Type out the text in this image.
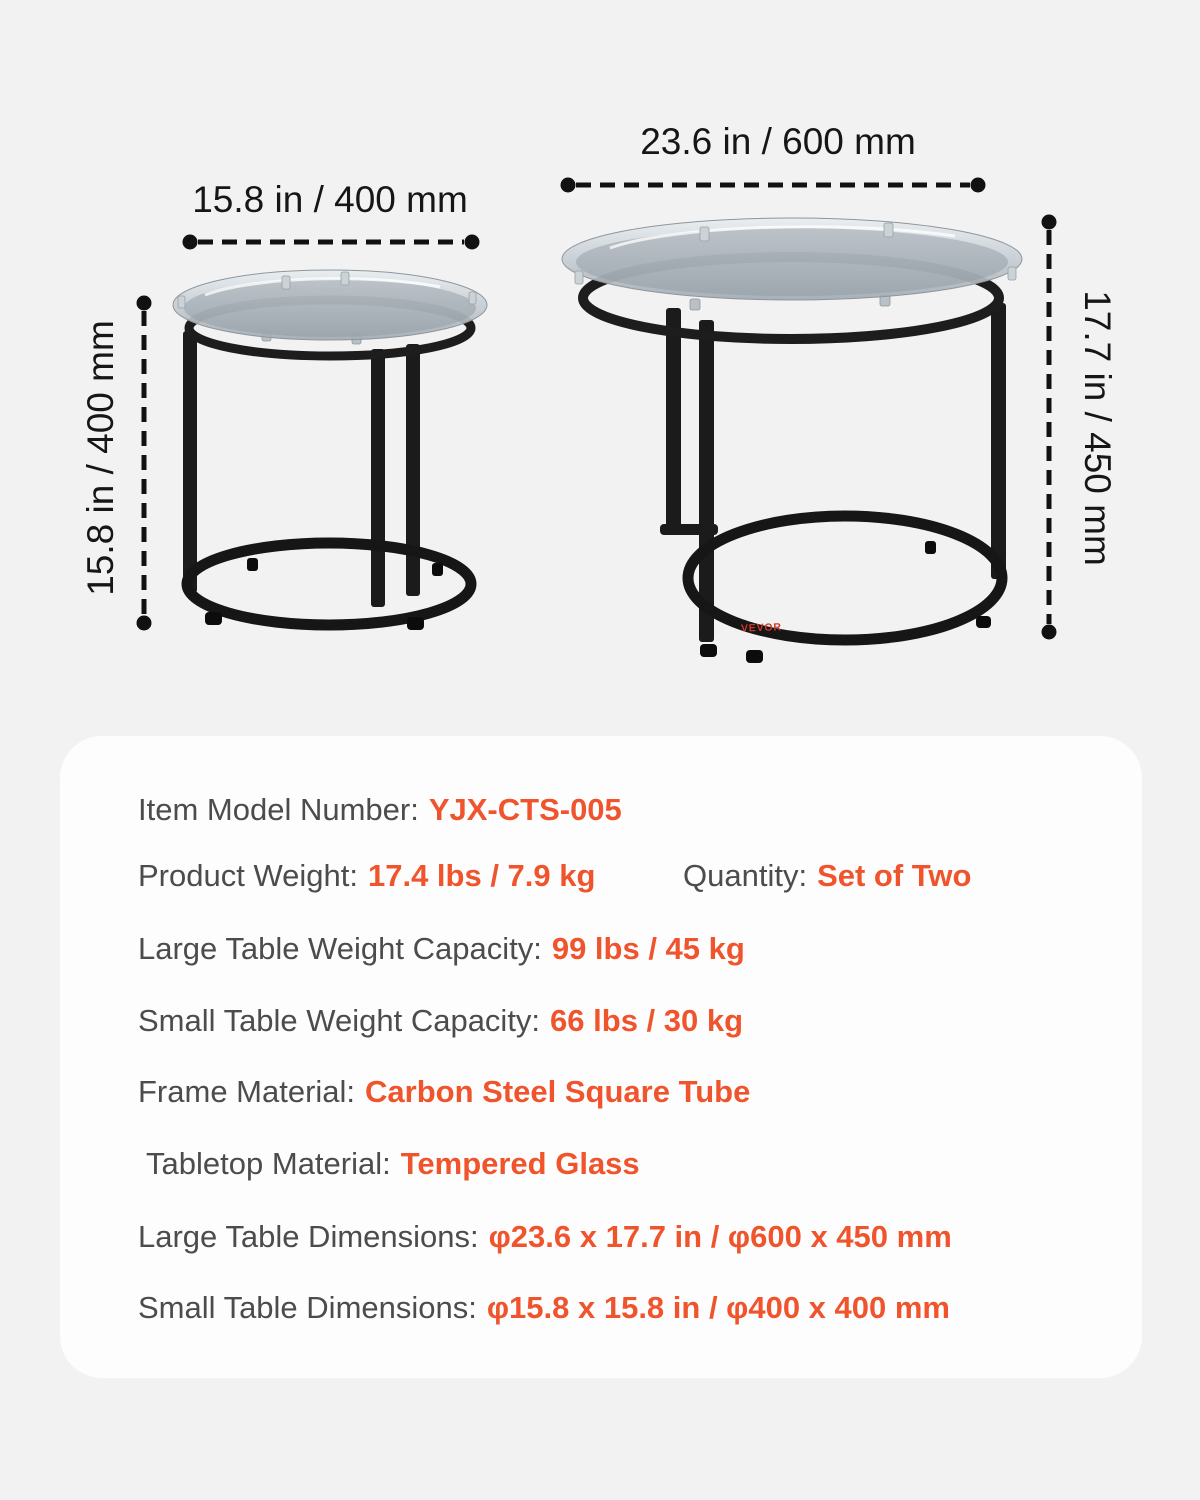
15.8 in / 400 mm
23.6 in / 600 mm
15.8 in / 400 mm	17.7 in / 450 mm
VEVOR
Item Model Number: YJX-CTS-005
Product Weight: 17.4 lbs / 7.9 kg	Quantity: Set of Two
Large Table Weight Capacity: 99 lbs / 45 kg
Small Table Weight Capacity: 66 lbs / 30 kg
Frame Material: Carbon Steel Square Tube
Tabletop Material: Tempered Glass
Large Table Dimensions: φ23.6 x 17.7 in / φ600 x 450 mm
Small Table Dimensions: φ15.8 x 15.8 in / φ400 x 400 mm
